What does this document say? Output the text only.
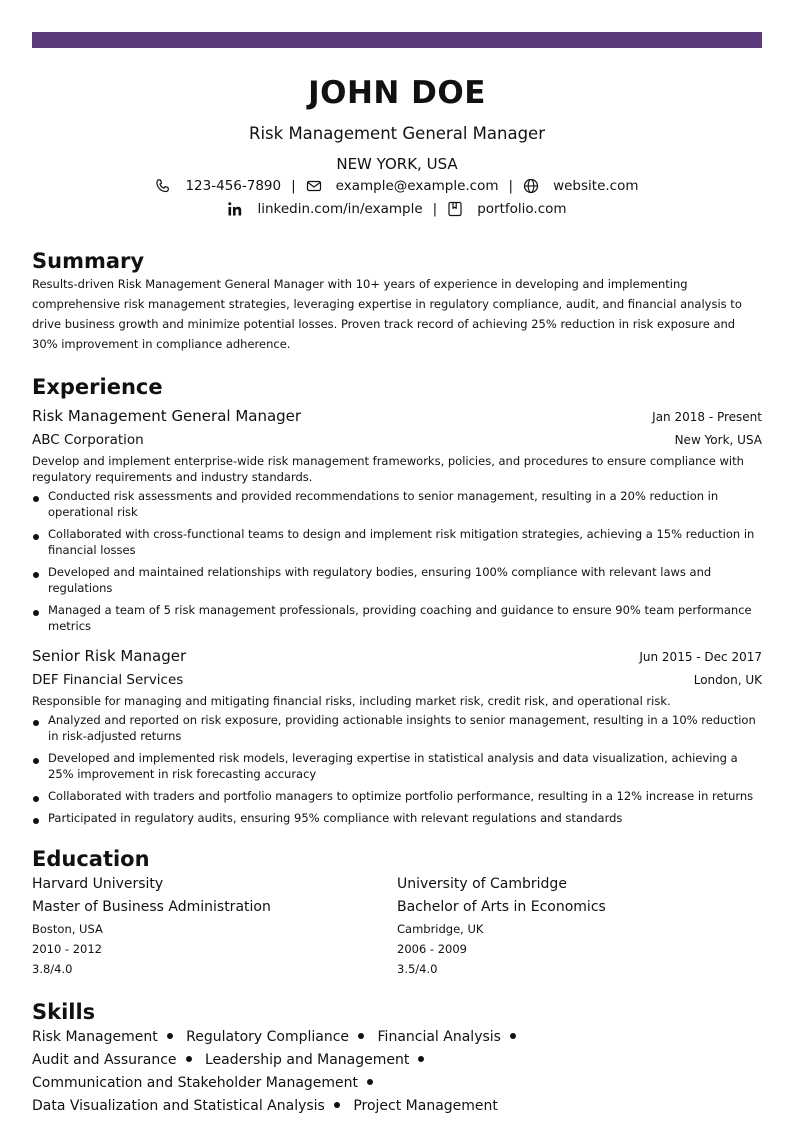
JOHN DOE
Risk Management General Manager
NEW YORK, USA
123-456-7890 |	example@example.com |	website.com
linkedin.com/in/example |	portfolio.com
Summary
Results-driven Risk Management General Manager with 10+ years of experience in developing and implementing comprehensive risk management strategies, leveraging expertise in regulatory compliance, audit, and financial analysis to drive business growth and minimize potential losses. Proven track record of achieving 25% reduction in risk exposure and 30% improvement in compliance adherence.
Experience
Risk Management General Manager	Jan 2018 - Present
ABC Corporation	New York, USA
Develop and implement enterprise-wide risk management frameworks, policies, and procedures to ensure compliance with regulatory requirements and industry standards.
Conducted risk assessments and provided recommendations to senior management, resulting in a 20% reduction in operational risk
Collaborated with cross-functional teams to design and implement risk mitigation strategies, achieving a 15% reduction in financial losses
Developed and maintained relationships with regulatory bodies, ensuring 100% compliance with relevant laws and regulations
Managed a team of 5 risk management professionals, providing coaching and guidance to ensure 90% team performance metrics
Senior Risk Manager	Jun 2015 - Dec 2017
DEF Financial Services	London, UK
Responsible for managing and mitigating financial risks, including market risk, credit risk, and operational risk.
Analyzed and reported on risk exposure, providing actionable insights to senior management, resulting in a 10% reduction in risk-adjusted returns
Developed and implemented risk models, leveraging expertise in statistical analysis and data visualization, achieving a 25% improvement in risk forecasting accuracy
Collaborated with traders and portfolio managers to optimize portfolio performance, resulting in a 12% increase in returns
Participated in regulatory audits, ensuring 95% compliance with relevant regulations and standards
Education
Harvard University
Master of Business Administration
Boston, USA
2010 - 2012
3.8/4.0
University of Cambridge
Bachelor of Arts in Economics
Cambridge, UK
2006 - 2009
3.5/4.0
Skills
Risk Management Regulatory Compliance Financial Analysis Audit and Assurance Leadership and Management Communication and Stakeholder Management Data Visualization and Statistical Analysis Project Management
